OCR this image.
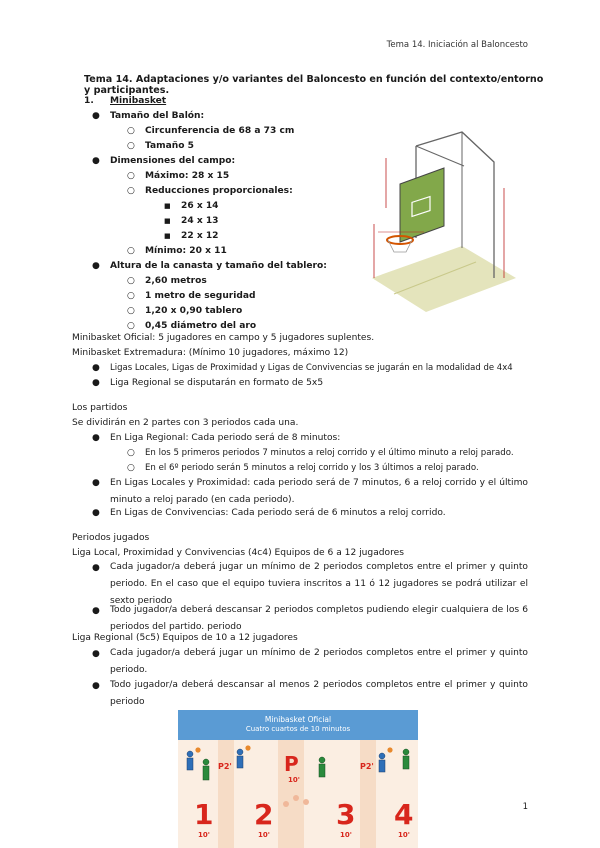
Tema 14. Iniciación al Baloncesto
Tema 14. Adaptaciones y/o variantes del Baloncesto en función del contexto/entorno y participantes.
1. Minibasket
● Tamaño del Balón:
○ Circunferencia de 68 a 73 cm
○ Tamaño 5
● Dimensiones del campo:
○ Máximo: 28 x 15
○ Reducciones proporcionales:
■ 26 x 14
■ 24 x 13
■ 22 x 12
○ Mínimo: 20 x 11
● Altura de la canasta y tamaño del tablero:
○ 2,60 metros
○ 1 metro de seguridad
○ 1,20 x 0,90 tablero
○ 0,45 diámetro del aro
Minibasket Oficial: 5 jugadores en campo y 5 jugadores suplentes.
Minibasket Extremadura: (Mínimo 10 jugadores, máximo 12)
● Ligas Locales, Ligas de Proximidad y Ligas de Convivencias se jugarán en la modalidad de 4x4
● Liga Regional se disputarán en formato de 5x5
Los partidos
Se dividirán en 2 partes con 3 periodos cada una.
● En Liga Regional: Cada periodo será de 8 minutos:
○ En los 5 primeros periodos 7 minutos a reloj corrido y el último minuto a reloj parado.
○ En el 6º periodo serán 5 minutos a reloj corrido y los 3 últimos a reloj parado.
● En Ligas Locales y Proximidad: cada periodo será de 7 minutos, 6 a reloj corrido y el último minuto a reloj parado (en cada periodo).
● En Ligas de Convivencias: Cada periodo será de 6 minutos a reloj corrido.
Periodos jugados
Liga Local, Proximidad y Convivencias (4c4) Equipos de 6 a 12 jugadores
● Cada jugador/a deberá jugar un mínimo de 2 periodos completos entre el primer y quinto periodo. En el caso que el equipo tuviera inscritos a 11 ó 12 jugadores se podrá utilizar el sexto periodo
● Todo jugador/a deberá descansar 2 periodos completos pudiendo elegir cualquiera de los 6 periodos del partido. periodo
Liga Regional (5c5) Equipos de 10 a 12 jugadores
● Cada jugador/a deberá jugar un mínimo de 2 periodos completos entre el primer y quinto periodo.
● Todo jugador/a deberá descansar al menos 2 periodos completos entre el primer y quinto periodo
Minibasket Oficial
Cuatro cuartos de 10 minutos
1 2 3 4
10'	10'	10'	10'
P2'	P
10'
P2'
1
